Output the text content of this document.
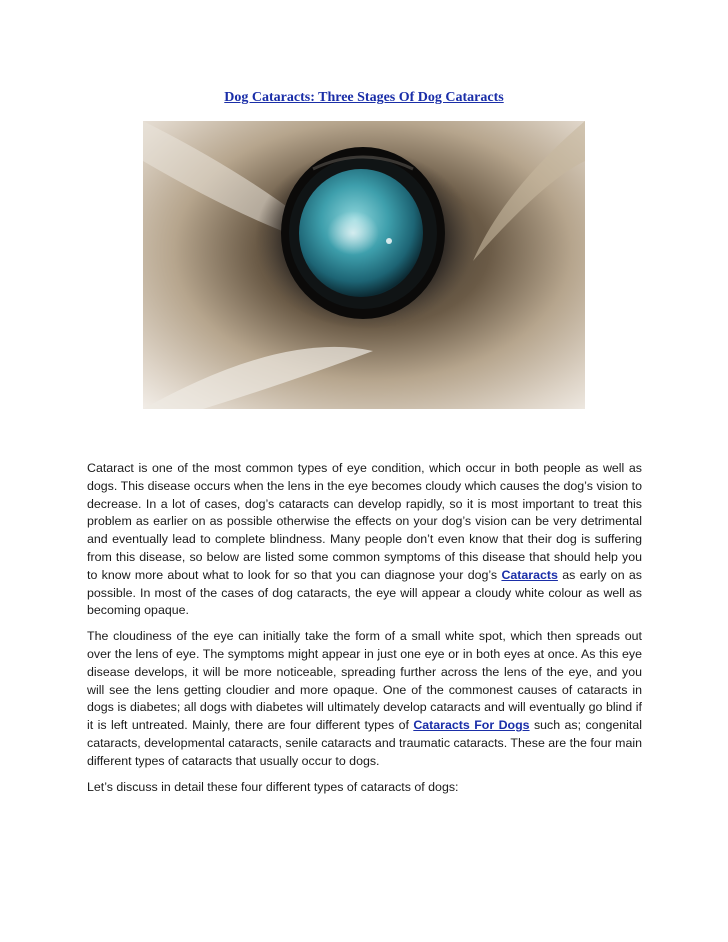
Dog Cataracts: Three Stages Of Dog Cataracts

Cataract is one of the most common types of eye condition, which occur in both people as well as dogs. This disease occurs when the lens in the eye becomes cloudy which causes the dog’s vision to decrease. In a lot of cases, dog’s cataracts can develop rapidly, so it is most important to treat this problem as earlier on as possible otherwise the effects on your dog’s vision can be very detrimental and eventually lead to complete blindness. Many people don’t even know that their dog is suffering from this disease, so below are listed some common symptoms of this disease that should help you to know more about what to look for so that you can diagnose your dog’s Cataracts as early on as possible. In most of the cases of dog cataracts, the eye will appear a cloudy white colour as well as becoming opaque.

The cloudiness of the eye can initially take the form of a small white spot, which then spreads out over the lens of eye. The symptoms might appear in just one eye or in both eyes at once. As this eye disease develops, it will be more noticeable, spreading further across the lens of the eye, and you will see the lens getting cloudier and more opaque. One of the commonest causes of cataracts in dogs is diabetes; all dogs with diabetes will ultimately develop cataracts and will eventually go blind if it is left untreated. Mainly, there are four different types of Cataracts For Dogs such as; congenital cataracts, developmental cataracts, senile cataracts and traumatic cataracts. These are the four main different types of cataracts that usually occur to dogs.

Let’s discuss in detail these four different types of cataracts of dogs:
